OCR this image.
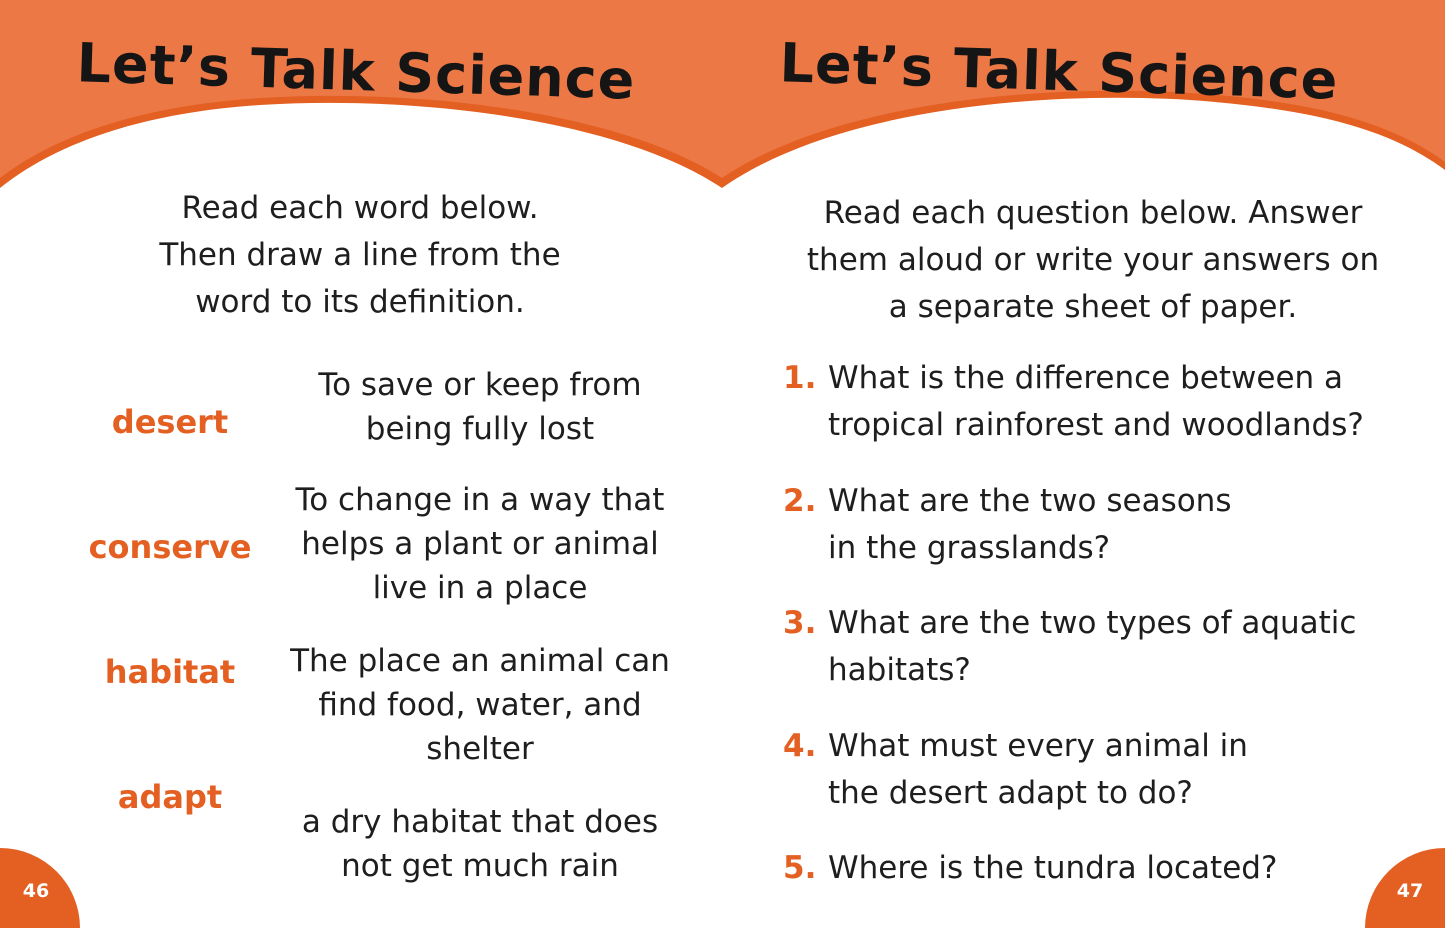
Let’s Talk Science
Read each word below.
Then draw a line from the
word to its definition.
desert
conserve
habitat
adapt
To save or keep from
being fully lost
To change in a way that
helps a plant or animal
live in a place
The place an animal can
find food, water, and
shelter
a dry habitat that does
not get much rain
46
Let’s Talk Science
Read each question below. Answer
them aloud or write your answers on
a separate sheet of paper.
1. What is the difference between a
tropical rainforest and woodlands?
2. What are the two seasons
in the grasslands?
3. What are the two types of aquatic
habitats?
4. What must every animal in
the desert adapt to do?
5. Where is the tundra located?
47
